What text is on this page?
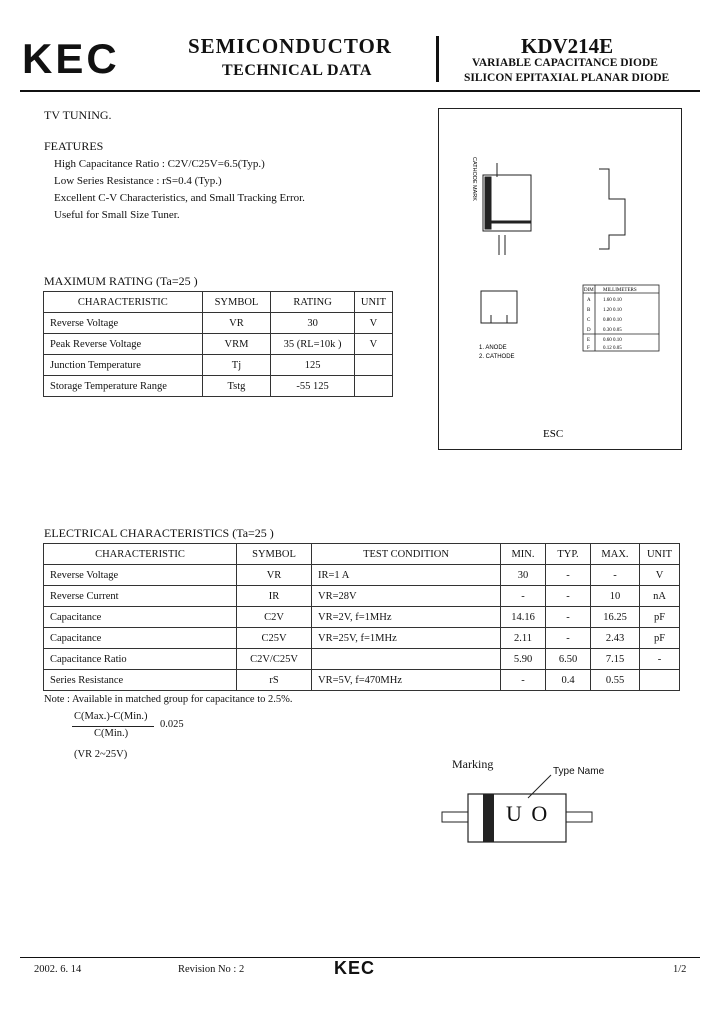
KEC	SEMICONDUCTOR
TECHNICAL DATA
KDV214E
VARIABLE CAPACITANCE DIODE
SILICON EPITAXIAL PLANAR DIODE
TV TUNING.
FEATURES
High Capacitance Ratio : C2V/C25V=6.5(Typ.)
Low Series Resistance : rS=0.4 (Typ.)
Excellent C-V Characteristics, and Small Tracking Error.
Useful for Small Size Tuner.
MAXIMUM RATING (Ta=25 )
CHARACTERISTIC	SYMBOL	RATING	UNIT
Reverse Voltage	VR	30	V
Peak Reverse Voltage	VRM	35 (RL=10k )	V
Junction Temperature	Tj	125	
Storage Temperature Range	Tstg	-55 125	
CATHODE MARK
1. ANODE
2. CATHODE
DIM MILLIMETERS
A 1.60 0.10
B	1.20 0.10
C	0.80 0.10
D 0.30 0.05
E	0.60 0.10
F	0.12 0.05
ESC
ELECTRICAL CHARACTERISTICS (Ta=25 )
CHARACTERISTIC	SYMBOL	TEST CONDITION	MIN.	TYP.	MAX.	UNIT
Reverse Voltage	VR	IR=1 A	30	-	-	V
Reverse Current	IR	VR=28V	-	-	10	nA
Capacitance	C2V	VR=2V, f=1MHz	14.16	-	16.25	pF
Capacitance	C25V	VR=25V, f=1MHz	2.11	-	2.43	pF
Capacitance Ratio	C2V/C25V		5.90	6.50	7.15	-
Series Resistance	rS	VR=5V, f=470MHz	-	0.4	0.55	
Note : Available in matched group for capacitance to 2.5%.
C(Max.)-C(Min.)
C(Min.)
0.025
(VR 2~25V)
Marking
Type Name
U O
2002. 6. 14	Revision No : 2	KEC	1/2
